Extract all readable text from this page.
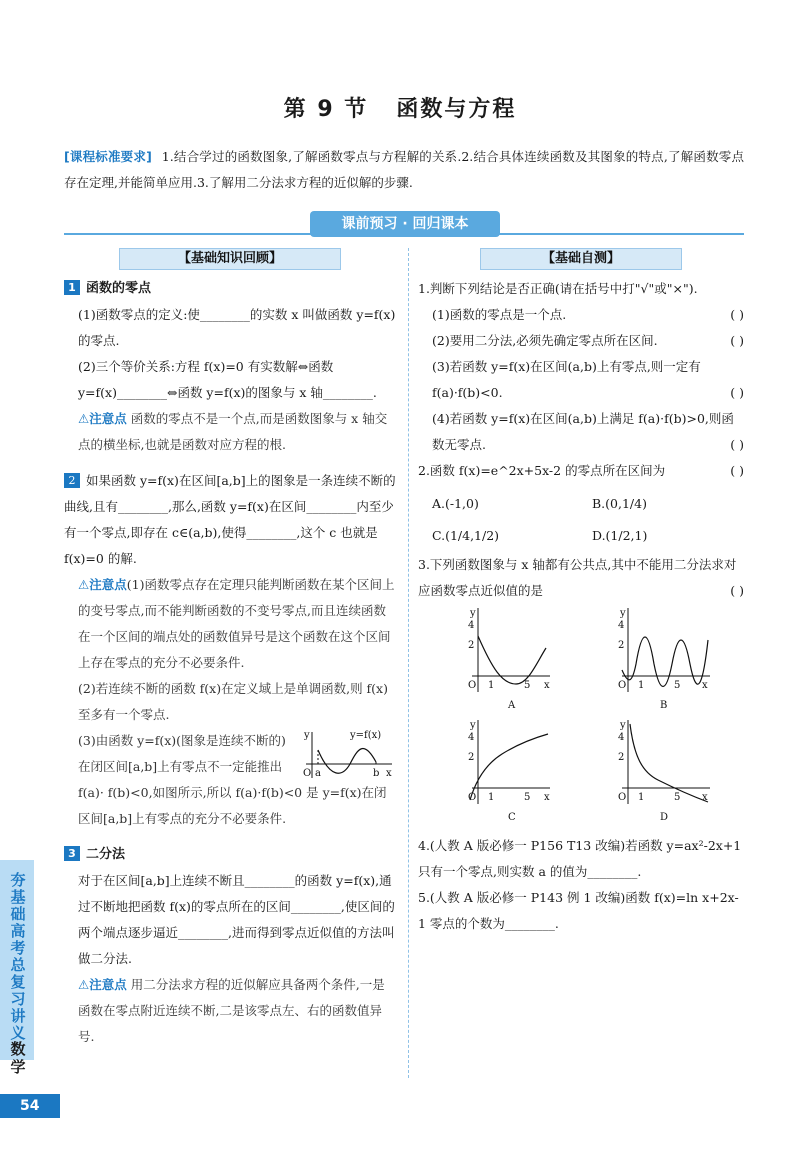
第 9 节 函数与方程
[课程标准要求] 1.结合学过的函数图象,了解函数零点与方程解的关系.2.结合具体连续函数及其图象的特点,了解函数零点存在定理,并能简单应用.3.了解用二分法求方程的近似解的步骤.
课前预习 · 回归课本
【基础知识回顾】

1 函数的零点

(1)函数零点的定义:使________的实数 x 叫做函数 y=f(x)的零点.

(2)三个等价关系:方程 f(x)=0 有实数解⇔函数 y=f(x)________⇔函数 y=f(x)的图象与 x 轴________.

⚠注意点 函数的零点不是一个点,而是函数图象与 x 轴交点的横坐标,也就是函数对应方程的根.

2 如果函数 y=f(x)在区间[a,b]上的图象是一条连续不断的曲线,且有________,那么,函数 y=f(x)在区间________内至少有一个零点,即存在 c∈(a,b),使得________,这个 c 也就是 f(x)=0 的解.

⚠注意点(1)函数零点存在定理只能判断函数在某个区间上的变号零点,而不能判断函数的不变号零点,而且连续函数在一个区间的端点处的函数值异号是这个函数在这个区间上存在零点的充分不必要条件.

(2)若连续不断的函数 f(x)在定义域上是单调函数,则 f(x)至多有一个零点.

O a	b x
y	y=f(x)
(3)由函数 y=f(x)(图象是连续不断的)在闭区间[a,b]上有零点不一定能推出 f(a)· f(b)<0,如图所示,所以 f(a)·f(b)<0 是 y=f(x)在闭区间[a,b]上有零点的充分不必要条件.

3 二分法

对于在区间[a,b]上连续不断且________的函数 y=f(x),通过不断地把函数 f(x)的零点所在的区间________,使区间的两个端点逐步逼近________,进而得到零点近似值的方法叫做二分法.

⚠注意点 用二分法求方程的近似解应具备两个条件,一是函数在零点附近连续不断,二是该零点左、右的函数值异号.

【基础自测】

1.判断下列结论是否正确(请在括号中打"√"或"×").

(1)函数的零点是一个点.	( )

(2)要用二分法,必须先确定零点所在区间.	( )

(3)若函数 y=f(x)在区间(a,b)上有零点,则一定有 f(a)·f(b)<0.	( )

(4)若函数 y=f(x)在区间(a,b)上满足 f(a)·f(b)>0,则函数无零点.	( )

2.函数 f(x)=e^2x+5x-2 的零点所在区间为	( )

A.(-1,0)	B.(0,1/4)
C.(1/4,1/2)	D.(1/2,1)

3.下列函数图象与 x 轴都有公共点,其中不能用二分法求对应函数零点近似值的是	( )

y
4
2
O 1	5 x
A
y
4
2
O 1	5 x
B
y
4
2
O 1	5 x
C
y
4
2
O 1	5 x
D

4.(人教 A 版必修一 P156 T13 改编)若函数 y=ax²-2x+1 只有一个零点,则实数 a 的值为________.

5.(人教 A 版必修一 P143 例 1 改编)函数 f(x)=ln x+2x-1 零点的个数为________.

夯基础 高考总复习讲义
数学
54
